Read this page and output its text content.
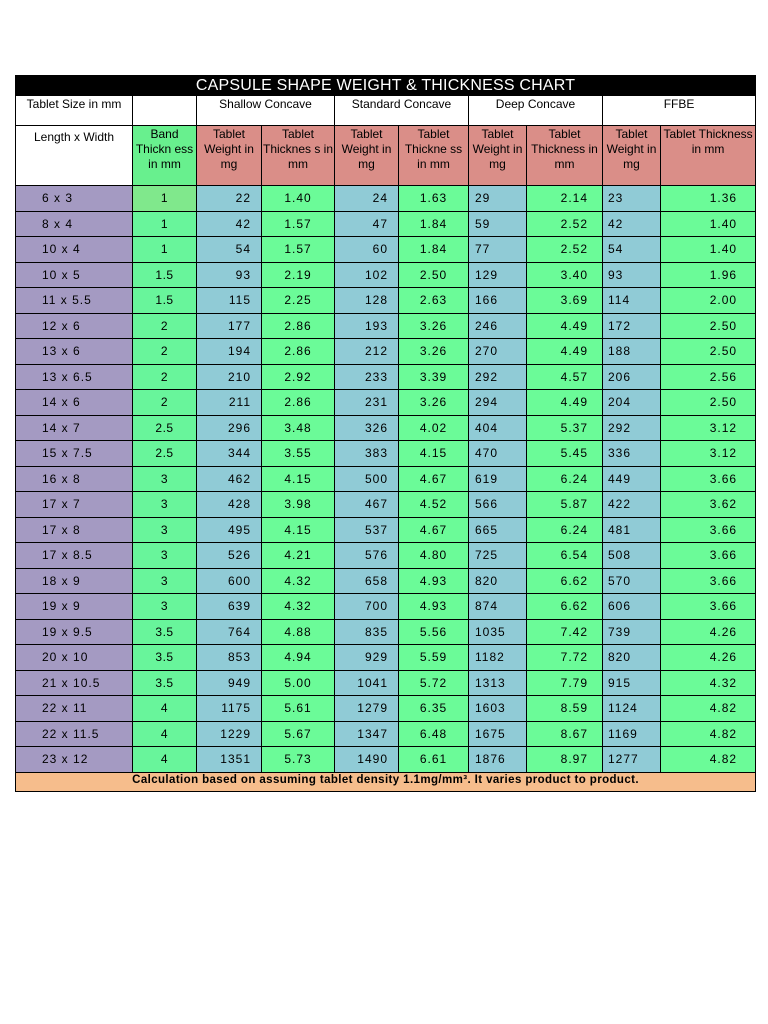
CAPSULE SHAPE WEIGHT & THICKNESS CHART									
Tablet Size in mm		Shallow Concave		Standard Concave		Deep Concave		FFBE	
Length x Width	Band Thickn ess in mm	Tablet Weight in mg	Tablet Thicknes s in mm	Tablet Weight in mg	Tablet Thickne ss in mm	Tablet Weight in mg	Tablet Thickness in mm	Tablet Weight in mg	Tablet Thickness in mm
6 x 3	1	22	1.40	24	1.63	29	2.14	23	1.36
8 x 4	1	42	1.57	47	1.84	59	2.52	42	1.40
10 x 4	1	54	1.57	60	1.84	77	2.52	54	1.40
10 x 5	1.5	93	2.19	102	2.50	129	3.40	93	1.96
11 x 5.5	1.5	115	2.25	128	2.63	166	3.69	114	2.00
12 x 6	2	177	2.86	193	3.26	246	4.49	172	2.50
13 x 6	2	194	2.86	212	3.26	270	4.49	188	2.50
13 x 6.5	2	210	2.92	233	3.39	292	4.57	206	2.56
14 x 6	2	211	2.86	231	3.26	294	4.49	204	2.50
14 x 7	2.5	296	3.48	326	4.02	404	5.37	292	3.12
15 x 7.5	2.5	344	3.55	383	4.15	470	5.45	336	3.12
16 x 8	3	462	4.15	500	4.67	619	6.24	449	3.66
17 x 7	3	428	3.98	467	4.52	566	5.87	422	3.62
17 x 8	3	495	4.15	537	4.67	665	6.24	481	3.66
17 x 8.5	3	526	4.21	576	4.80	725	6.54	508	3.66
18 x 9	3	600	4.32	658	4.93	820	6.62	570	3.66
19 x 9	3	639	4.32	700	4.93	874	6.62	606	3.66
19 x 9.5	3.5	764	4.88	835	5.56	1035	7.42	739	4.26
20 x 10	3.5	853	4.94	929	5.59	1182	7.72	820	4.26
21 x 10.5	3.5	949	5.00	1041	5.72	1313	7.79	915	4.32
22 x 11	4	1175	5.61	1279	6.35	1603	8.59	1124	4.82
22 x 11.5	4	1229	5.67	1347	6.48	1675	8.67	1169	4.82
23 x 12	4	1351	5.73	1490	6.61	1876	8.97	1277	4.82
Calculation based on assuming tablet density 1.1mg/mm³. It varies product to product.									
